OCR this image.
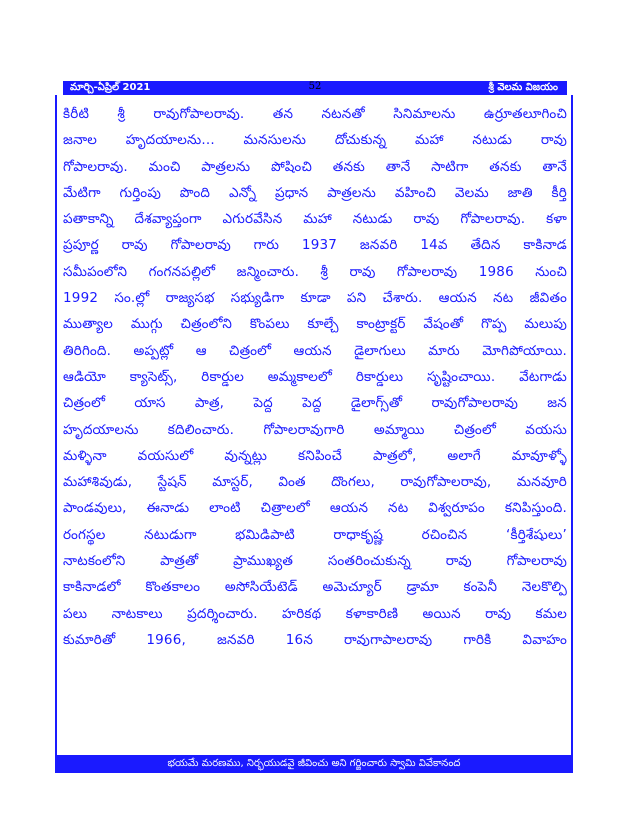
మార్చి-ఏప్రిల్ 2021	52	శ్రీ వెలమ విజయం
కిరీటి శ్రీ రావుగోపాలరావు. తన నటనతో సినిమాలను ఉర్రూతలూగించి
జనాల హృదయాలను... మనసులను దోచుకున్న మహా నటుడు రావు
గోపాలరావు. మంచి పాత్రలను పోషించి తనకు తానే సాటిగా తనకు తానే
మేటిగా గుర్తింపు పొంది ఎన్నో ప్రధాన పాత్రలను వహించి వెలమ జాతి కీర్తి
పతాకాన్ని దేశవ్యాప్తంగా ఎగురవేసిన మహా నటుడు రావు గోపాలరావు. కళా
ప్రపూర్ణ రావు గోపాలరావు గారు 1937 జనవరి 14వ తేదిన కాకినాడ
సమీపంలోని గంగనపల్లిలో జన్మించారు. శ్రీ రావు గోపాలరావు 1986 నుంచి
1992 సం.ల్లో రాజ్యసభ సభ్యుడిగా కూడా పని చేశారు. ఆయన నట జీవితం
ముత్యాల ముగ్గు చిత్రంలోని కొంపలు కూల్చే కాంట్రాక్టర్ వేషంతో గొప్ప మలుపు
తిరిగింది. అప్పట్లో ఆ చిత్రంలో ఆయన డైలాగులు మారు మోగిపోయాయి.
ఆడియో క్యాసెట్స్, రికార్డుల అమ్మకాలలో రికార్డులు సృష్టించాయి. వేటగాడు
చిత్రంలో యాస పాత్ర, పెద్ద పెద్ద డైలాగ్స్‌తో రావుగోపాలరావు జన
హృదయాలను కదిలించారు. గోపాలరావుగారి అమ్మాయి చిత్రంలో వయసు
మళ్ళినా వయసులో వున్నట్లు కనిపించే పాత్రలో, అలాగే మావూళ్ళో
మహాశివుడు, స్టేషన్ మాస్టర్, వింత దొంగలు, రావుగోపాలరావు, మనవూరి
పాండవులు, ఈనాడు లాంటి చిత్రాలలో ఆయన నట విశ్వరూపం కనిపిస్తుంది.
రంగస్థల నటుడుగా భమిడిపాటి రాధాకృష్ణ రచించిన ‘కీర్తిశేషులు’
నాటకంలోని పాత్రతో ప్రాముఖ్యత సంతరించుకున్న రావు గోపాలరావు
కాకినాడలో కొంతకాలం అసోసియేటెడ్ అమెచ్యూర్ డ్రామా కంపెనీ నెలకొల్పి
పలు నాటకాలు ప్రదర్శించారు. హరికథ కళాకారిణి అయిన రావు కమల
కుమారితో 1966, జనవరి 16న రావుగాపాలరావు గారికి వివాహం
భయమే మరణము, నిర్భయుడవై జీవించు అని గర్జించారు స్వామి వివేకానంద
